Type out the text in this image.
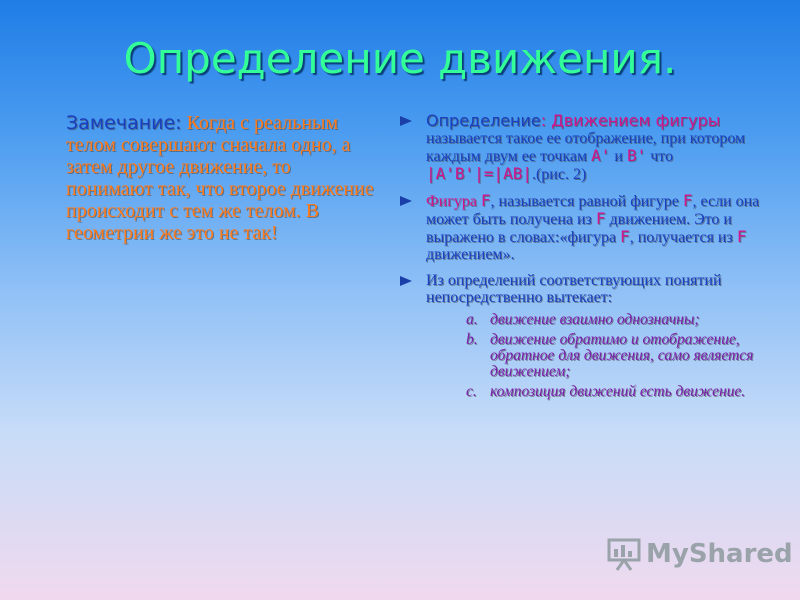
Определение движения.
Замечание: Когда с реальным телом совершают сначала одно, а затем другое движение, то понимают так, что второе движение происходит с тем же телом. В геометрии же это не так!
Определение: Движением фигуры называется такое ее отображение, при котором каждым двум ее точкам A' и B' что |A'B'|=|AB|.(рис. 2)
Фигура F, называется равной фигуре F, если она может быть получена из F движением. Это и выражено в словах:«фигура F, получается из F движением».
Из определений соответствующих понятий непосредственно вытекает:
a. движение взаимно однозначны;
b. движение обратимо и отображение, обратное для движения, само является движением;
c. композиция движений есть движение.
MyShared
